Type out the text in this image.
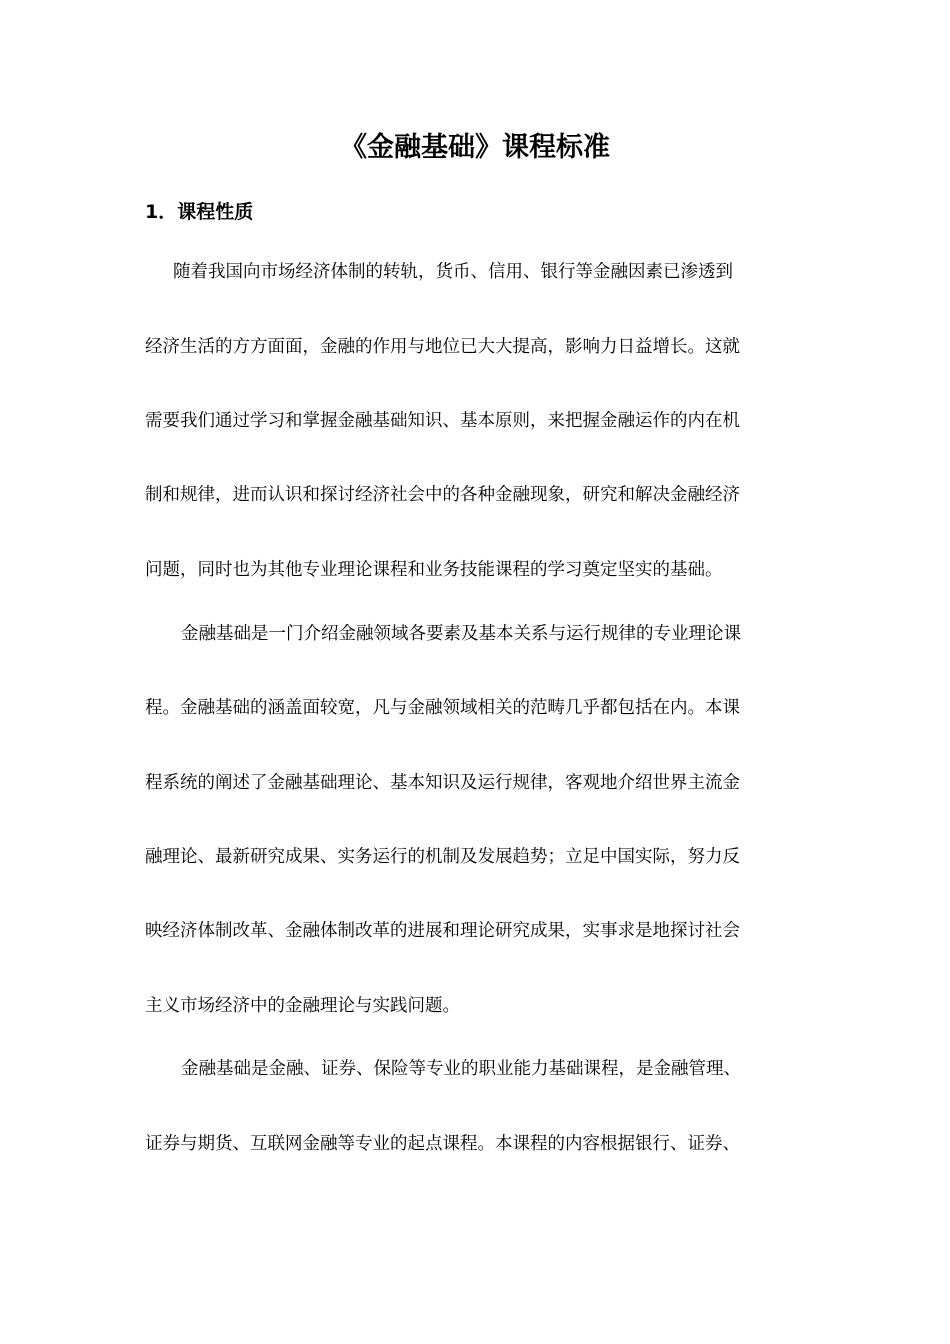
《金融基础》课程标准
1．课程性质

随着我国向市场经济体制的转轨，货币、信用、银行等金融因素已渗透到

经济生活的方方面面，金融的作用与地位已大大提高，影响力日益增长。这就

需要我们通过学习和掌握金融基础知识、基本原则，来把握金融运作的内在机

制和规律，进而认识和探讨经济社会中的各种金融现象，研究和解决金融经济

问题，同时也为其他专业理论课程和业务技能课程的学习奠定坚实的基础。

金融基础是一门介绍金融领域各要素及基本关系与运行规律的专业理论课

程。金融基础的涵盖面较宽，凡与金融领域相关的范畴几乎都包括在内。本课

程系统的阐述了金融基础理论、基本知识及运行规律，客观地介绍世界主流金

融理论、最新研究成果、实务运行的机制及发展趋势；立足中国实际，努力反

映经济体制改革、金融体制改革的进展和理论研究成果，实事求是地探讨社会

主义市场经济中的金融理论与实践问题。

金融基础是金融、证券、保险等专业的职业能力基础课程，是金融管理、

证券与期货、互联网金融等专业的起点课程。本课程的内容根据银行、证券、
